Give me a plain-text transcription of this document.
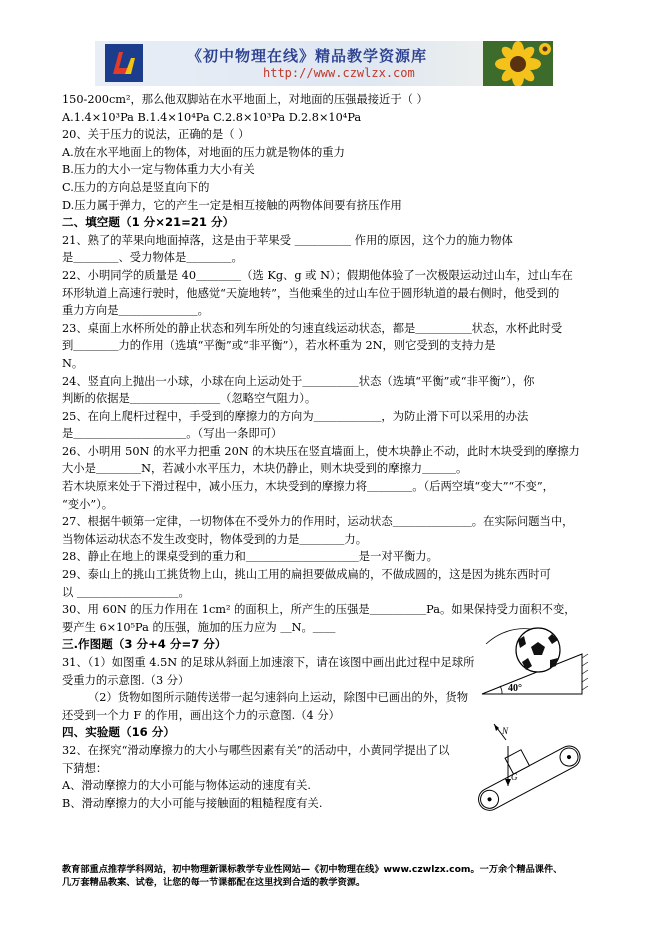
《初中物理在线》精品教学资源库
http://www.czwlzx.com
150-200cm²，那么他双脚站在水平地面上，对地面的压强最接近于（ ）
A.1.4×10³Pa B.1.4×10⁴Pa C.2.8×10³Pa D.2.8×10⁴Pa
20、关于压力的说法，正确的是（ ）
A.放在水平地面上的物体，对地面的压力就是物体的重力
B.压力的大小一定与物体重力大小有关
C.压力的方向总是竖直向下的
D.压力属于弹力，它的产生一定是相互接触的两物体间要有挤压作用
二、填空题（1 分×21=21 分）
21、熟了的苹果向地面掉落，这是由于苹果受 ＿＿＿＿＿ 作用的原因，这个力的施力物体
是＿＿＿＿、受力物体是＿＿＿＿。
22、小明同学的质量是 40＿＿＿＿（选 Kg、g 或 N）；假期他体验了一次极限运动过山车，过山车在
环形轨道上高速行驶时，他感觉“天旋地转”，当他乘坐的过山车位于圆形轨道的最右侧时，他受到的
重力方向是＿＿＿＿＿＿＿。
23、桌面上水杯所处的静止状态和列车所处的匀速直线运动状态，都是＿＿＿＿＿状态，水杯此时受
到＿＿＿＿力的作用（选填“平衡”或“非平衡”），若水杯重为 2N，则它受到的支持力是
N。
24、竖直向上抛出一小球，小球在向上运动处于＿＿＿＿＿状态（选填“平衡”或“非平衡”），你
判断的依据是＿＿＿＿＿＿＿＿（忽略空气阻力）。
25、在向上爬杆过程中，手受到的摩擦力的方向为＿＿＿＿＿＿，为防止滑下可以采用的办法
是＿＿＿＿＿＿＿＿＿＿。（写出一条即可）
26、小明用 50N 的水平力把重 20N 的木块压在竖直墙面上，使木块静止不动，此时木块受到的摩擦力
大小是＿＿＿＿N，若减小水平压力，木块仍静止，则木块受到的摩擦力＿＿＿。
若木块原来处于下滑过程中，减小压力，木块受到的摩擦力将＿＿＿＿。（后两空填“变大”“不变”，
“变小”）。
27、根据牛顿第一定律，一切物体在不受外力的作用时，运动状态＿＿＿＿＿＿＿。在实际问题当中，
当物体运动状态不发生改变时，物体受到的力是＿＿＿＿力。
28、静止在地上的课桌受到的重力和＿＿＿＿＿＿＿＿＿＿是一对平衡力。
29、泰山上的挑山工挑货物上山，挑山工用的扁担要做成扁的，不做成圆的，这是因为挑东西时可
以 ＿＿＿＿＿＿＿＿＿。
30、用 60N 的压力作用在 1cm² 的面积上，所产生的压强是＿＿＿＿＿Pa。如果保持受力面积不变，
要产生 6×10⁵Pa 的压强，施加的压力应为 ＿N。＿＿
三.作图题（3 分+4 分=7 分）
31、（1）如图重 4.5N 的足球从斜面上加速滚下，请在该图中画出此过程中足球所
受重力的示意图.（3 分）
（2）货物如图所示随传送带一起匀速斜向上运动，除图中已画出的外，货物
还受到一个力 F 的作用，画出这个力的示意图.（4 分）
四、实验题（16 分）
32、在探究“滑动摩擦力的大小与哪些因素有关”的活动中，小黄同学提出了以
下猜想：
A、滑动摩擦力的大小可能与物体运动的速度有关.
B、滑动摩擦力的大小可能与接触面的粗糙程度有关.
40°
N
G
教育部重点推荐学科网站，初中物理新课标教学专业性网站—《初中物理在线》www.czwlzx.com。一万余个精品课件、
几万套精品教案、试卷，让您的每一节课都配在这里找到合适的教学资源。
